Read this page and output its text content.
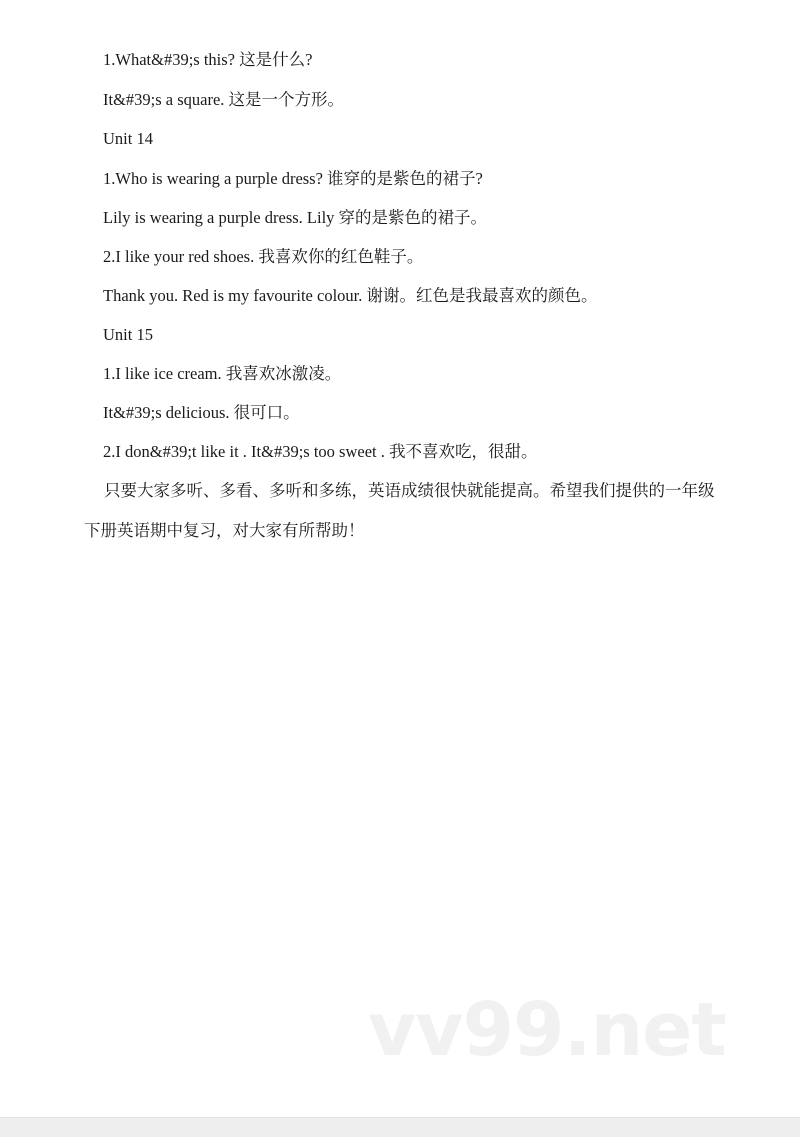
1.What&#39;s this? 这是什么?
It&#39;s a square. 这是一个方形。
Unit 14
1.Who is wearing a purple dress? 谁穿的是紫色的裙子?
Lily is wearing a purple dress. Lily 穿的是紫色的裙子。
2.I like your red shoes. 我喜欢你的红色鞋子。
Thank you. Red is my favourite colour. 谢谢。红色是我最喜欢的颜色。
Unit 15
1.I like ice cream. 我喜欢冰激凌。
It&#39;s delicious. 很可口。
2.I don&#39;t like it . It&#39;s too sweet . 我不喜欢吃，很甜。
只要大家多听、多看、多听和多练，英语成绩很快就能提高。希望我们提供的一年级下册英语期中复习，对大家有所帮助！
vv99.net
